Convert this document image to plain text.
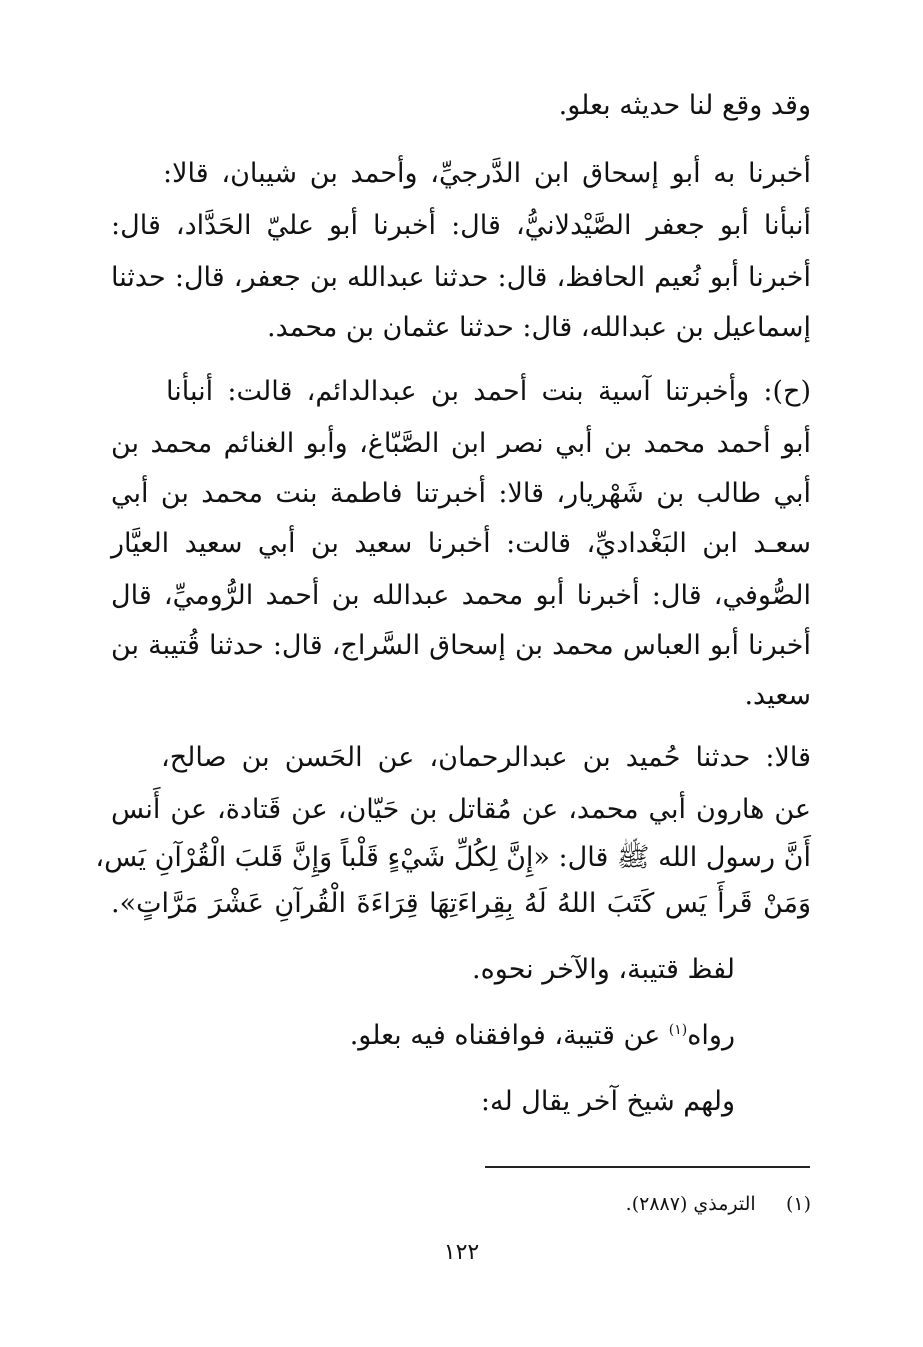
وقد وقع لنا حديثه بعلو.
أخبرنا به أبو إسحاق ابن الدَّرجيِّ، وأحمد بن شيبان، قالا:
أنبأنا أبو جعفر الصَّيْدلانيُّ، قال: أخبرنا أبو عليّ الحَدَّاد، قال:
أخبرنا أبو نُعيم الحافظ، قال: حدثنا عبدالله بن جعفر، قال: حدثنا
إسماعيل بن عبدالله، قال: حدثنا عثمان بن محمد.
(ح): وأخبرتنا آسية بنت أحمد بن عبدالدائم، قالت: أنبأنا
أبو أحمد محمد بن أبي نصر ابن الصَّبّاغ، وأبو الغنائم محمد بن
أبي طالب بن شَهْريار، قالا: أخبرتنا فاطمة بنت محمد بن أبي
سعـد ابن البَغْداديِّ، قالت: أخبرنا سعيد بن أبي سعيد العيَّار
الصُّوفي، قال: أخبرنا أبو محمد عبدالله بن أحمد الرُّوميِّ، قال
أخبرنا أبو العباس محمد بن إسحاق السَّراج، قال: حدثنا قُتيبة بن
سعيد.
قالا: حدثنا حُميد بن عبدالرحمان، عن الحَسن بن صالح،
عن هارون أبي محمد، عن مُقاتل بن حَيّان، عن قَتادة، عن أَنس
أَنَّ رسول الله ﷺ قال: «إِنَّ لِكُلِّ شَيْءٍ قَلْباً وَإِنَّ قَلبَ الْقُرْآنِ يَس،
وَمَنْ قَرأَ يَس كَتَبَ اللهُ لَهُ بِقِراءَتِهَا قِرَاءَةَ الْقُرآنِ عَشْرَ مَرَّاتٍ».
لفظ قتيبة، والآخر نحوه.
رواه$^{(١)}$ عن قتيبة، فوافقناه فيه بعلو.
ولهم شيخ آخر يقال له:
(١)     الترمذي (٢٨٨٧).
١٢٢
